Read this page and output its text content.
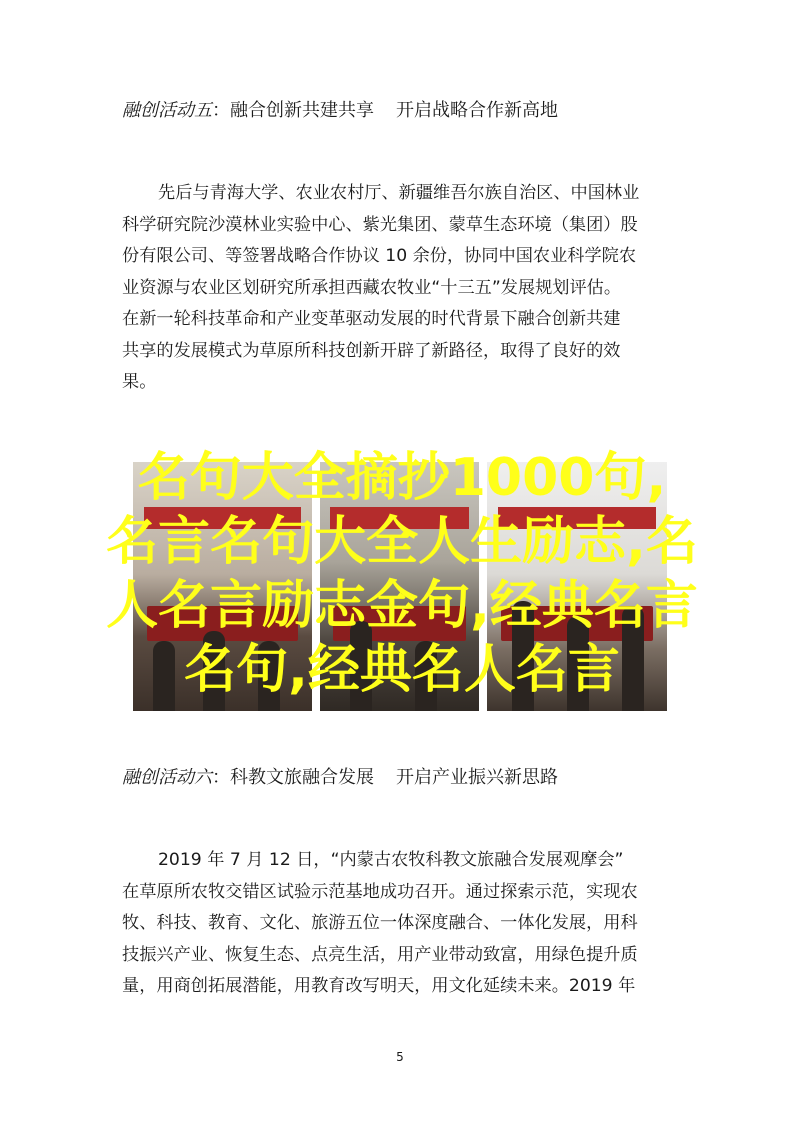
融创活动五：融合创新共建共享 开启战略合作新高地
先后与青海大学、农业农村厅、新疆维吾尔族自治区、中国林业
科学研究院沙漠林业实验中心、紫光集团、蒙草生态环境（集团）股
份有限公司、等签署战略合作协议 10 余份，协同中国农业科学院农
业资源与农业区划研究所承担西藏农牧业“十三五”发展规划评估。
在新一轮科技革命和产业变革驱动发展的时代背景下融合创新共建
共享的发展模式为草原所科技创新开辟了新路径，取得了良好的效
果。
名句大全摘抄1000句,
名言名句大全人生励志,名
人名言励志金句,经典名言
名句,经典名人名言
融创活动六：科教文旅融合发展 开启产业振兴新思路
2019 年 7 月 12 日，“内蒙古农牧科教文旅融合发展观摩会”
在草原所农牧交错区试验示范基地成功召开。通过探索示范，实现农
牧、科技、教育、文化、旅游五位一体深度融合、一体化发展，用科
技振兴产业、恢复生态、点亮生活，用产业带动致富，用绿色提升质
量，用商创拓展潜能，用教育改写明天，用文化延续未来。2019 年
5
